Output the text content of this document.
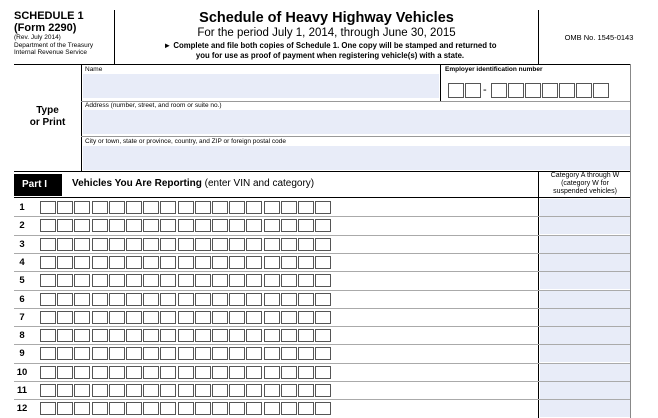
SCHEDULE 1
(Form 2290)
(Rev. July 2014)
Department of the Treasury
Internal Revenue Service
Schedule of Heavy Highway Vehicles
For the period July 1, 2014, through June 30, 2015
► Complete and file both copies of Schedule 1. One copy will be stamped and returned to
you for use as proof of payment when registering vehicle(s) with a state.
OMB No. 1545-0143
Type
or Print
Name	Employer identification number
-
Address (number, street, and room or suite no.)
City or town, state or province, country, and ZIP or foreign postal code
Part I	Vehicles You Are Reporting (enter VIN and category)
Category A through W
(category W for
suspended vehicles)
1
2
3
4
5
6
7
8
9
10
11
12
